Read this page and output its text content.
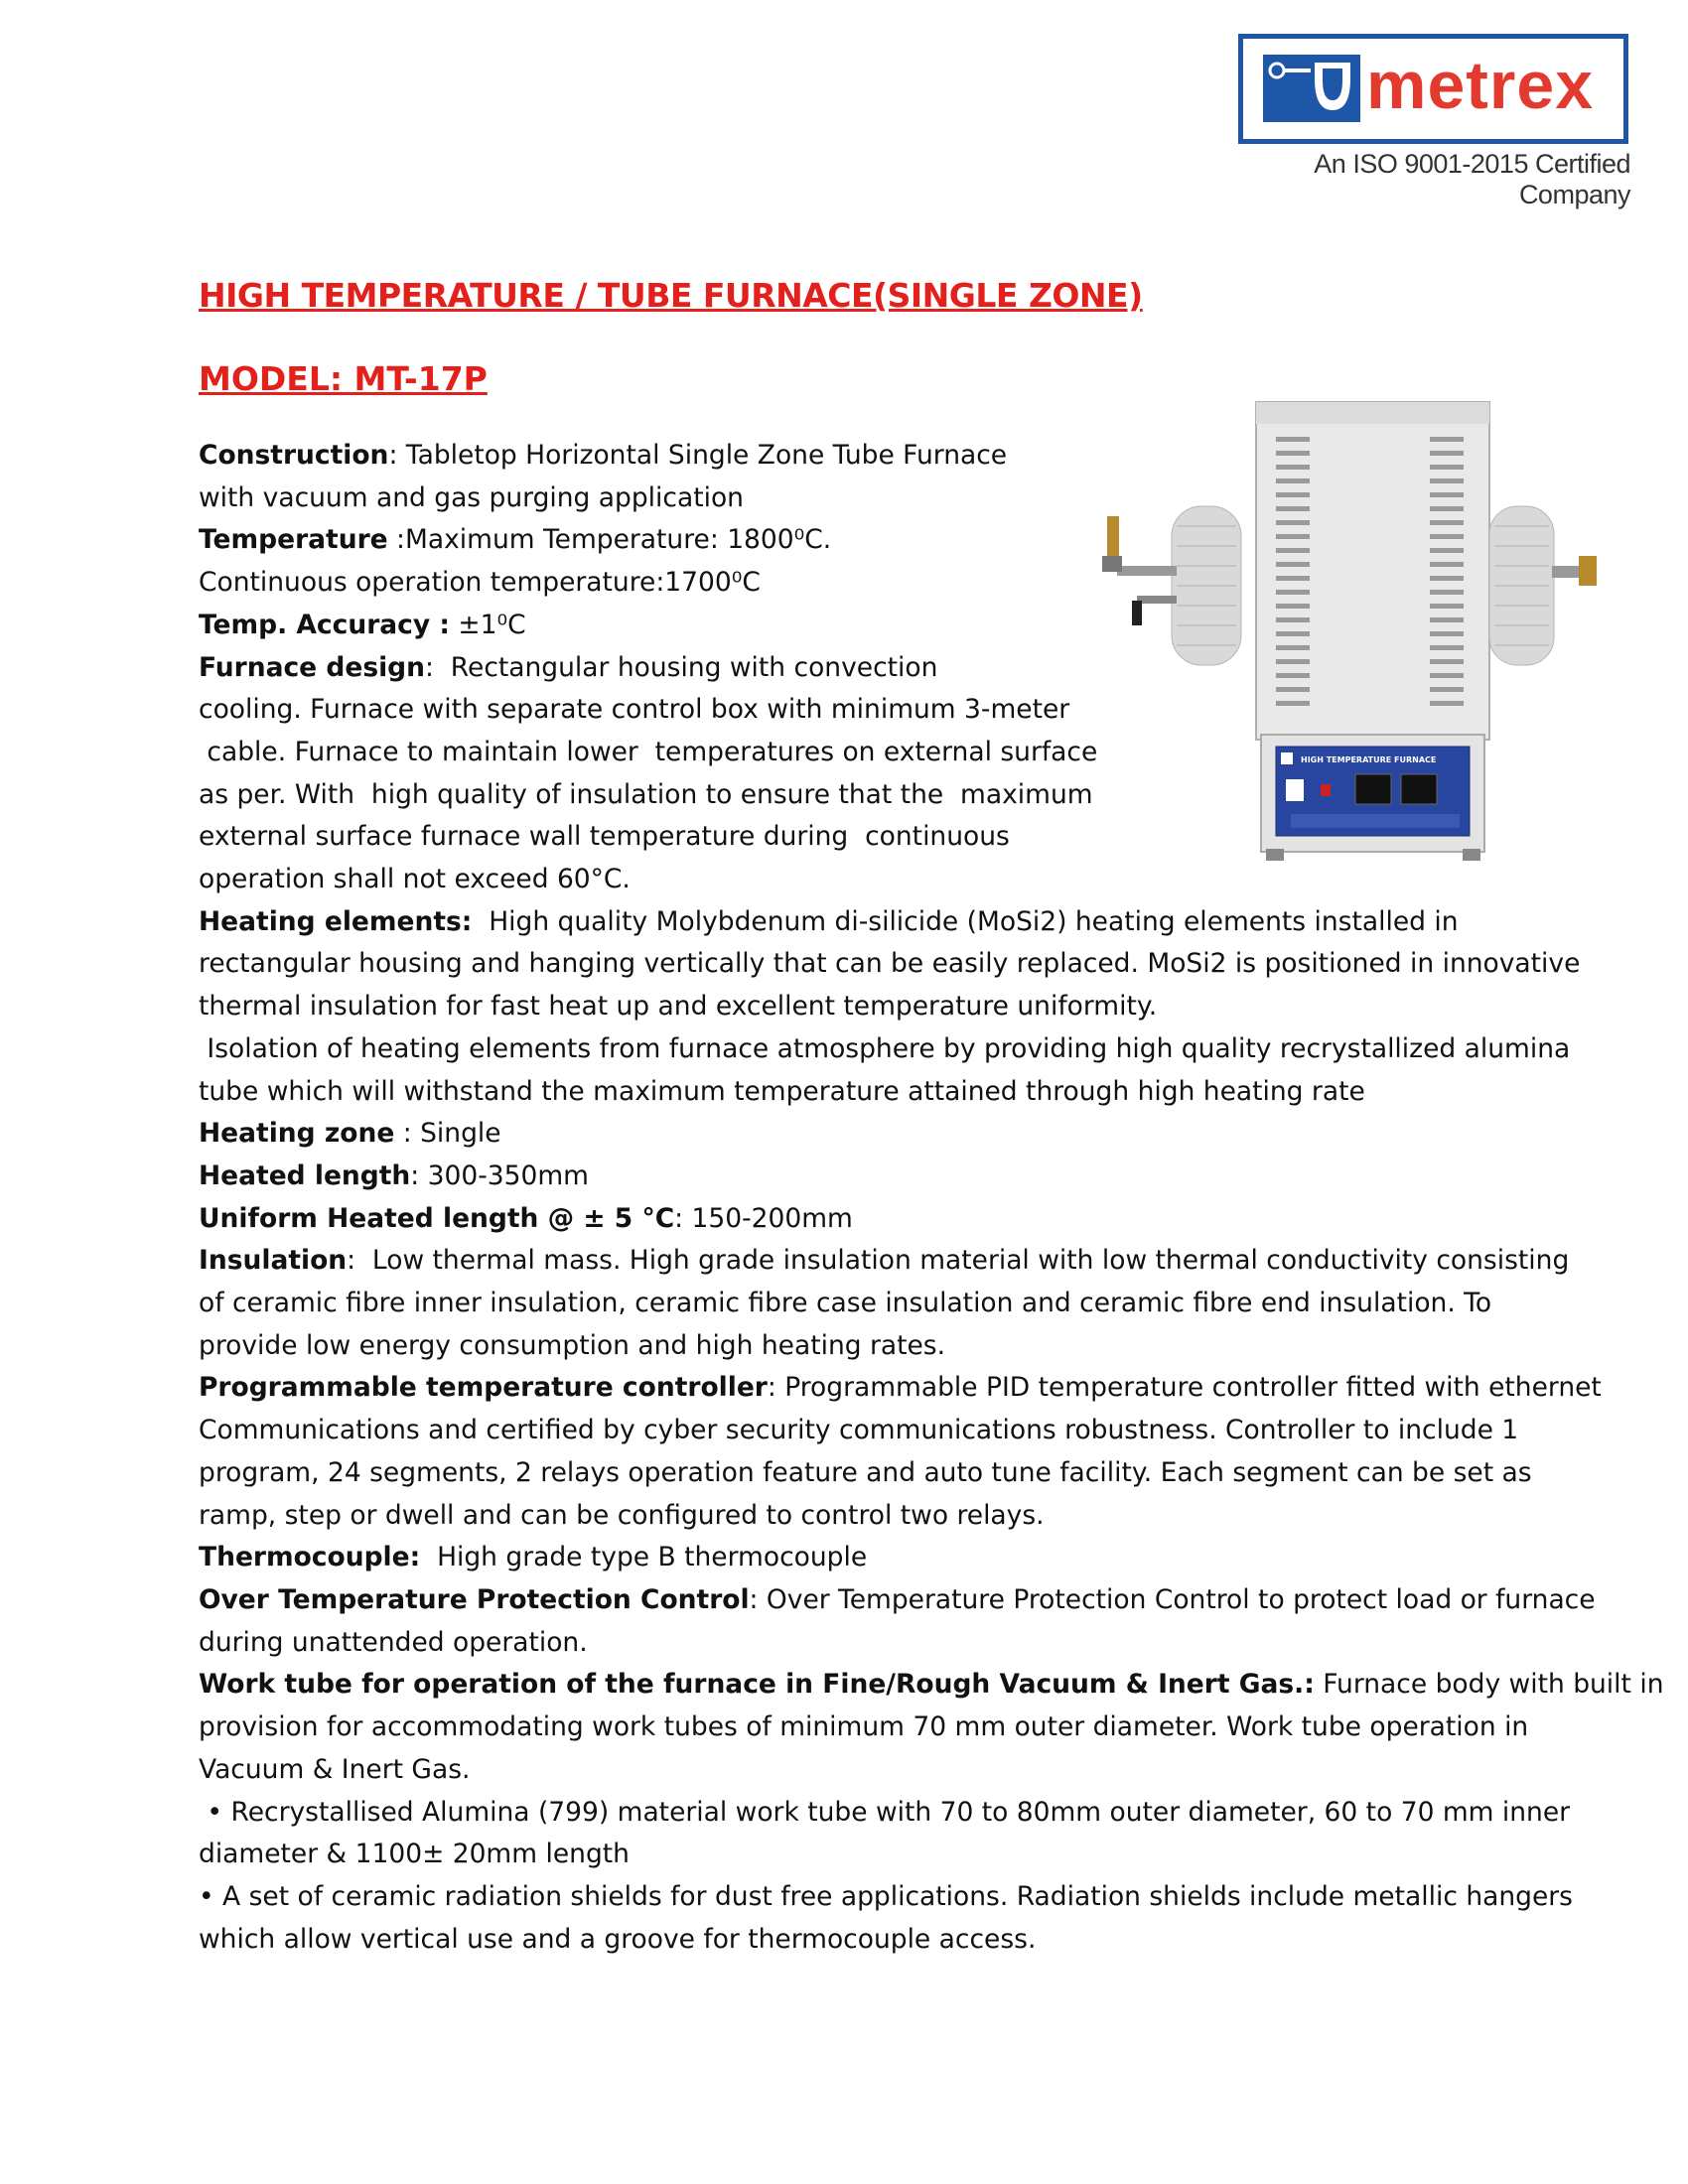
metrex
An ISO 9001-2015 Certified Company
HIGH TEMPERATURE / TUBE FURNACE(SINGLE ZONE)
MODEL: MT-17P
HIGH TEMPERATURE FURNACE
Construction: Tabletop Horizontal Single Zone Tube Furnace
with vacuum and gas purging application
Temperature :Maximum Temperature: 1800⁰C.
Continuous operation temperature:1700⁰C
Temp. Accuracy : ±1⁰C
Furnace design:  Rectangular housing with convection
cooling. Furnace with separate control box with minimum 3-meter
cable. Furnace to maintain lower  temperatures on external surface
as per. With  high quality of insulation to ensure that the  maximum
external surface furnace wall temperature during  continuous
operation shall not exceed 60°C.
Heating elements:  High quality Molybdenum di-silicide (MoSi2) heating elements installed in
rectangular housing and hanging vertically that can be easily replaced. MoSi2 is positioned in innovative
thermal insulation for fast heat up and excellent temperature uniformity.
Isolation of heating elements from furnace atmosphere by providing high quality recrystallized alumina
tube which will withstand the maximum temperature attained through high heating rate
Heating zone : Single
Heated length: 300-350mm
Uniform Heated length @ ± 5 °C: 150-200mm
Insulation:  Low thermal mass. High grade insulation material with low thermal conductivity consisting
of ceramic fibre inner insulation, ceramic fibre case insulation and ceramic fibre end insulation. To
provide low energy consumption and high heating rates.
Programmable temperature controller: Programmable PID temperature controller fitted with ethernet
Communications and certified by cyber security communications robustness. Controller to include 1
program, 24 segments, 2 relays operation feature and auto tune facility. Each segment can be set as
ramp, step or dwell and can be configured to control two relays.
Thermocouple:  High grade type B thermocouple
Over Temperature Protection Control: Over Temperature Protection Control to protect load or furnace
during unattended operation.
Work tube for operation of the furnace in Fine/Rough Vacuum & Inert Gas.: Furnace body with built in
provision for accommodating work tubes of minimum 70 mm outer diameter. Work tube operation in
Vacuum & Inert Gas.
• Recrystallised Alumina (799) material work tube with 70 to 80mm outer diameter, 60 to 70 mm inner
diameter & 1100± 20mm length
• A set of ceramic radiation shields for dust free applications. Radiation shields include metallic hangers
which allow vertical use and a groove for thermocouple access.
